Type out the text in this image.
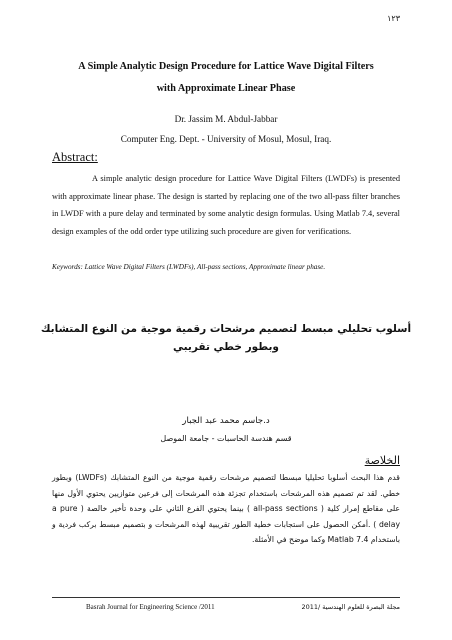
١٢٣
A Simple Analytic Design Procedure for Lattice Wave Digital Filters
with Approximate Linear Phase
Dr. Jassim M. Abdul-Jabbar
Computer Eng. Dept. - University of Mosul, Mosul, Iraq.
Abstract:

A simple analytic design procedure for Lattice Wave Digital Filters (LWDFs) is presented with approximate linear phase. The design is started by replacing one of the two all-pass filter branches in LWDF with a pure delay and terminated by some analytic design formulas. Using Matlab 7.4, several design examples of the odd order type utilizing such procedure are given for verifications.

Keywords: Lattice Wave Digital Filters (LWDFs), All-pass sections, Approximate linear phase.
أسلوب تحليلي مبسط لتصميم مرشحات رقمية موجية من النوع المتشابك
وبطور خطي تقريبي
د.جاسم محمد عبد الجبار
قسم هندسة الحاسبات - جامعة الموصل
الخلاصة

قدم هذا البحث أسلوبا تحليليا مبسطا لتصميم مرشحات رقمية موجية من النوع المتشابك (LWDFs) وبطور خطي. لقد تم تصميم هذه المرشحات باستخدام تجزئة هذه المرشحات إلى فرعين متوازيين يحتوي الأول منها على مقاطع إمرار كلية ( all-pass sections ) بينما يحتوي الفرع الثاني على وحدة تأخير خالصة ( a pure delay ) .أمكن الحصول على استجابات خطية الطور تقريبية لهذه المرشحات و بتصميم مبسط بركب فردية و باستخدام Matlab 7.4 وكما موضح في الأمثلة.

Basrah Journal for Engineering Science /2011	مجلة البصرة للعلوم الهندسية /2011
